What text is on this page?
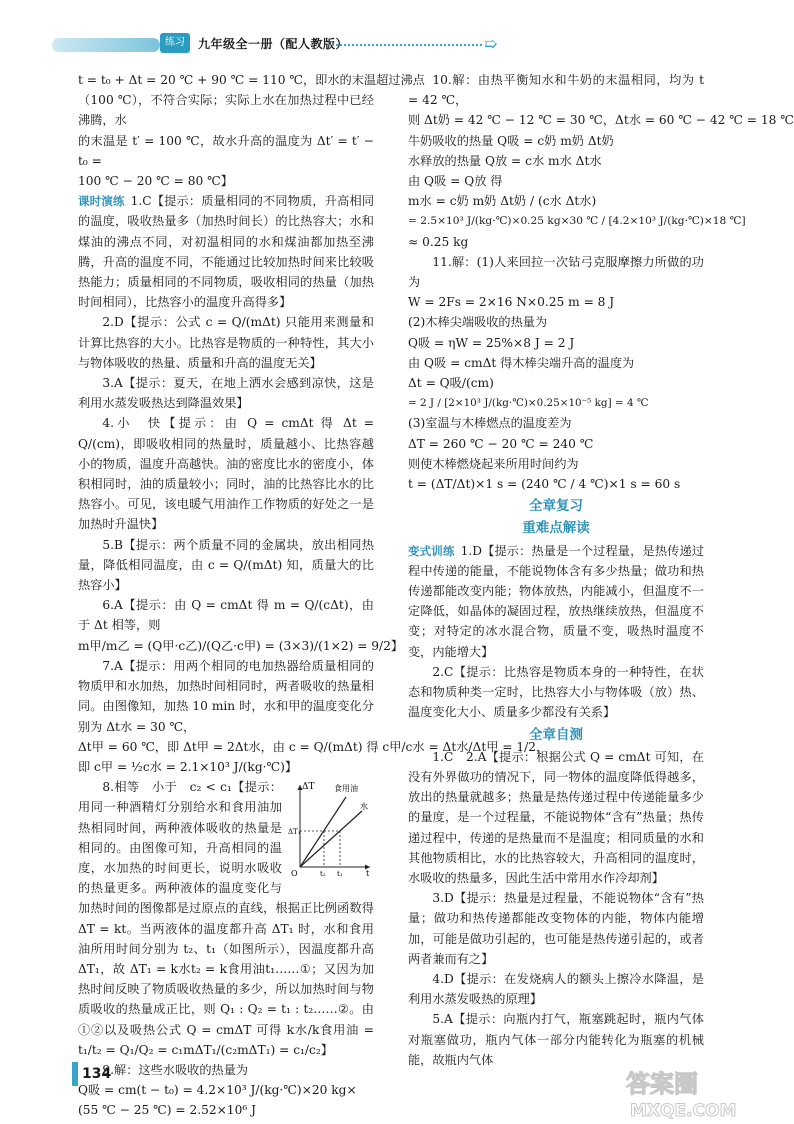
练习	九年级全一册（配人教版）	➯

t = t₀ + Δt = 20 ℃ + 90 ℃ = 110 ℃，即水的末温超过沸点

（100 ℃），不符合实际；实际上水在加热过程中已经沸腾，水

的末温是 t′ = 100 ℃，故水升高的温度为 Δt′ = t′ − t₀ =

100 ℃ − 20 ℃ = 80 ℃】

课时演练 1.C【提示：质量相同的不同物质，升高相同的温度，吸收热量多（加热时间长）的比热容大；水和煤油的沸点不同，对初温相同的水和煤油都加热至沸腾，升高的温度不同，不能通过比较加热时间来比较吸热能力；质量相同的不同物质，吸收相同的热量（加热时间相同），比热容小的温度升高得多】

2.D【提示：公式 c = Q/(mΔt) 只能用来测量和计算比热容的大小。比热容是物质的一种特性，其大小与物体吸收的热量、质量和升高的温度无关】

3.A【提示：夏天，在地上洒水会感到凉快，这是利用水蒸发吸热达到降温效果】

4.小　快【提示：由 Q = cmΔt 得 Δt = Q/(cm)，即吸收相同的热量时，质量越小、比热容越小的物质，温度升高越快。油的密度比水的密度小，体积相同时，油的质量较小；同时，油的比热容比水的比热容小。可见，该电暖气用油作工作物质的好处之一是加热时升温快】

5.B【提示：两个质量不同的金属块，放出相同热量，降低相同温度，由 c = Q/(mΔt) 知，质量大的比热容小】

6.A【提示：由 Q = cmΔt 得 m = Q/(cΔt)，由于 Δt 相等，则

m甲/m乙 = (Q甲·c乙)/(Q乙·c甲) = (3×3)/(1×2) = 9/2】

7.A【提示：用两个相同的电加热器给质量相同的物质甲和水加热，加热时间相同时，两者吸收的热量相同。由图像知，加热 10 min 时，水和甲的温度变化分别为 Δt水 = 30 ℃，

Δt甲 = 60 ℃，即 Δt甲 = 2Δt水，由 c = Q/(mΔt) 得 c甲/c水 = Δt水/Δt甲 = 1/2，

即 c甲 = ½c水 = 2.1×10³ J/(kg·℃)】

ΔT 食用油
水
ΔT₁
O	t₂ t₁	t

8.相等　小于　c₂ < c₁【提示：用同一种酒精灯分别给水和食用油加热相同时间，两种液体吸收的热量是相同的。由图像可知，升高相同的温度，水加热的时间更长，说明水吸收的热量更多。两种液体的温度变化与加热时间的图像都是过原点的直线，根据正比例函数得 ΔT = kt。当两液体的温度都升高 ΔT₁ 时，水和食用油所用时间分别为 t₂、t₁（如图所示），因温度都升高 ΔT₁，故 ΔT₁ = k水t₂ = k食用油t₁……①；又因为加热时间反映了物质吸收热量的多少，所以加热时间与物质吸收的热量成正比，则 Q₁ : Q₂ = t₁ : t₂……②。由①②以及吸热公式 Q = cmΔT 可得 k水/k食用油 = t₁/t₂ = Q₁/Q₂ = c₁mΔT₁/(c₂mΔT₁) = c₁/c₂】

9.解：这些水吸收的热量为

Q吸 = cm(t − t₀) = 4.2×10³ J/(kg·℃)×20 kg×

(55 ℃ − 25 ℃) = 2.52×10⁶ J

10.解：由热平衡知水和牛奶的末温相同，均为 t = 42 ℃，

则 Δt奶 = 42 ℃ − 12 ℃ = 30 ℃，Δt水 = 60 ℃ − 42 ℃ = 18 ℃

牛奶吸收的热量 Q吸 = c奶 m奶 Δt奶

水释放的热量 Q放 = c水 m水 Δt水

由 Q吸 = Q放 得

m水 = c奶 m奶 Δt奶 / (c水 Δt水)

= 2.5×10³ J/(kg·℃)×0.25 kg×30 ℃ / [4.2×10³ J/(kg·℃)×18 ℃]

≈ 0.25 kg

11.解：(1)人来回拉一次钻弓克服摩擦力所做的功为

W = 2Fs = 2×16 N×0.25 m = 8 J

(2)木棒尖端吸收的热量为

Q吸 = ηW = 25%×8 J = 2 J

由 Q吸 = cmΔt 得木棒尖端升高的温度为

Δt = Q吸/(cm)

= 2 J / [2×10³ J/(kg·℃)×0.25×10⁻⁵ kg] = 4 ℃

(3)室温与木棒燃点的温度差为

ΔT = 260 ℃ − 20 ℃ = 240 ℃

则使木棒燃烧起来所用时间约为

t = (ΔT/Δt)×1 s = (240 ℃ / 4 ℃)×1 s = 60 s

全章复习
重难点解读

变式训练 1.D【提示：热量是一个过程量，是热传递过程中传递的能量，不能说物体含有多少热量；做功和热传递都能改变内能；物体放热，内能减小，但温度不一定降低，如晶体的凝固过程，放热继续放热，但温度不变；对特定的冰水混合物，质量不变，吸热时温度不变，内能增大】

2.C【提示：比热容是物质本身的一种特性，在状态和物质种类一定时，比热容大小与物体吸（放）热、温度变化大小、质量多少都没有关系】

全章自测

1.C　2.A【提示：根据公式 Q = cmΔt 可知，在没有外界做功的情况下，同一物体的温度降低得越多，放出的热量就越多；热量是热传递过程中传递能量多少的量度，是一个过程量，不能说物体“含有”热量；热传递过程中，传递的是热量而不是温度；相同质量的水和其他物质相比，水的比热容较大，升高相同的温度时，水吸收的热量多，因此生活中常用水作冷却剂】

3.D【提示：热量是过程量，不能说物体“含有”热量；做功和热传递都能改变物体的内能，物体内能增加，可能是做功引起的，也可能是热传递引起的，或者两者兼而有之】

4.D【提示：在发烧病人的额头上擦冷水降温，是利用水蒸发吸热的原理】

5.A【提示：向瓶内打气，瓶塞跳起时，瓶内气体对瓶塞做功，瓶内气体一部分内能转化为瓶塞的机械能，故瓶内气体

134	答案圈
MXQE.COM
